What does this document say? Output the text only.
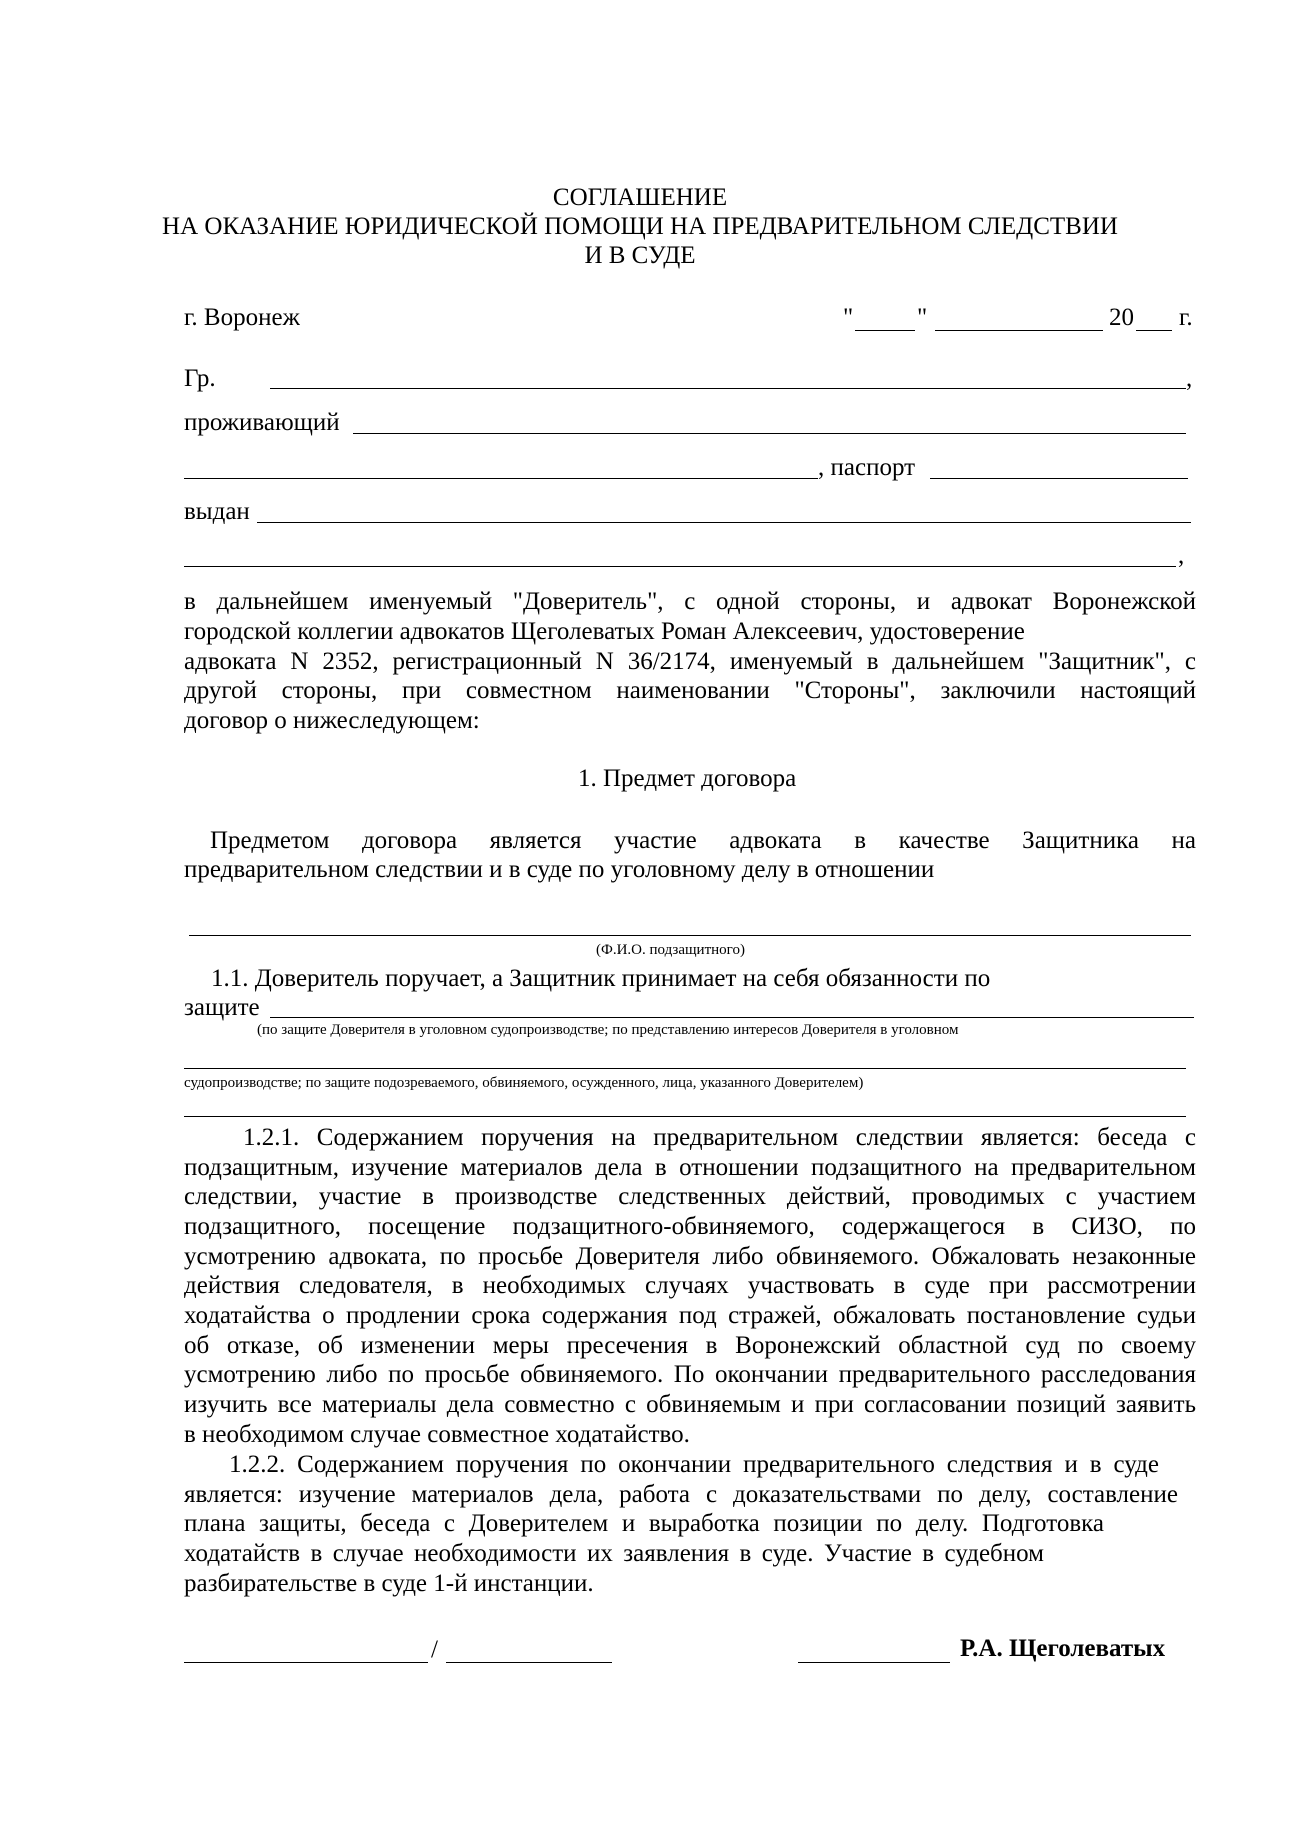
СОГЛАШЕНИЕ
НА ОКАЗАНИЕ ЮРИДИЧЕСКОЙ ПОМОЩИ НА ПРЕДВАРИТЕЛЬНОМ СЛЕДСТВИИ
И В СУДЕ
г. Воронеж	"	"	20 г.
Гр.	,
проживающий
, паспорт
выдан
,
в дальнейшем именуемый "Доверитель", с одной стороны, и адвокат Воронежской
городской коллегии адвокатов Щеголеватых Роман Алексеевич, удостоверение
адвоката N 2352, регистрационный N 36/2174, именуемый в дальнейшем "Защитник", с
другой стороны, при совместном наименовании "Стороны", заключили настоящий
договор о нижеследующем:
1. Предмет договора
Предметом договора является участие адвоката в качестве Защитника на
предварительном следствии и в суде по уголовному делу в отношении
(Ф.И.О. подзащитного)
1.1. Доверитель поручает, а Защитник принимает на себя обязанности по
защите
(по защите Доверителя в уголовном судопроизводстве; по представлению интересов Доверителя в уголовном
судопроизводстве; по защите подозреваемого, обвиняемого, осужденного, лица, указанного Доверителем)
1.2.1. Содержанием поручения на предварительном следствии является: беседа с
подзащитным, изучение материалов дела в отношении подзащитного на предварительном
следствии, участие в производстве следственных действий, проводимых с участием
подзащитного, посещение подзащитного-обвиняемого, содержащегося в СИЗО, по
усмотрению адвоката, по просьбе Доверителя либо обвиняемого. Обжаловать незаконные
действия следователя, в необходимых случаях участвовать в суде при рассмотрении
ходатайства о продлении срока содержания под стражей, обжаловать постановление судьи
об отказе, об изменении меры пресечения в Воронежский областной суд по своему
усмотрению либо по просьбе обвиняемого. По окончании предварительного расследования
изучить все материалы дела совместно с обвиняемым и при согласовании позиций заявить
в необходимом случае совместное ходатайство.
1.2.2. Содержанием поручения по окончании предварительного следствия и в суде
является: изучение материалов дела, работа с доказательствами по делу, составление
плана защиты, беседа с Доверителем и выработка позиции по делу. Подготовка
ходатайств в случае необходимости их заявления в суде. Участие в судебном
разбирательстве в суде 1-й инстанции.
/	Р.А. Щеголеватых
